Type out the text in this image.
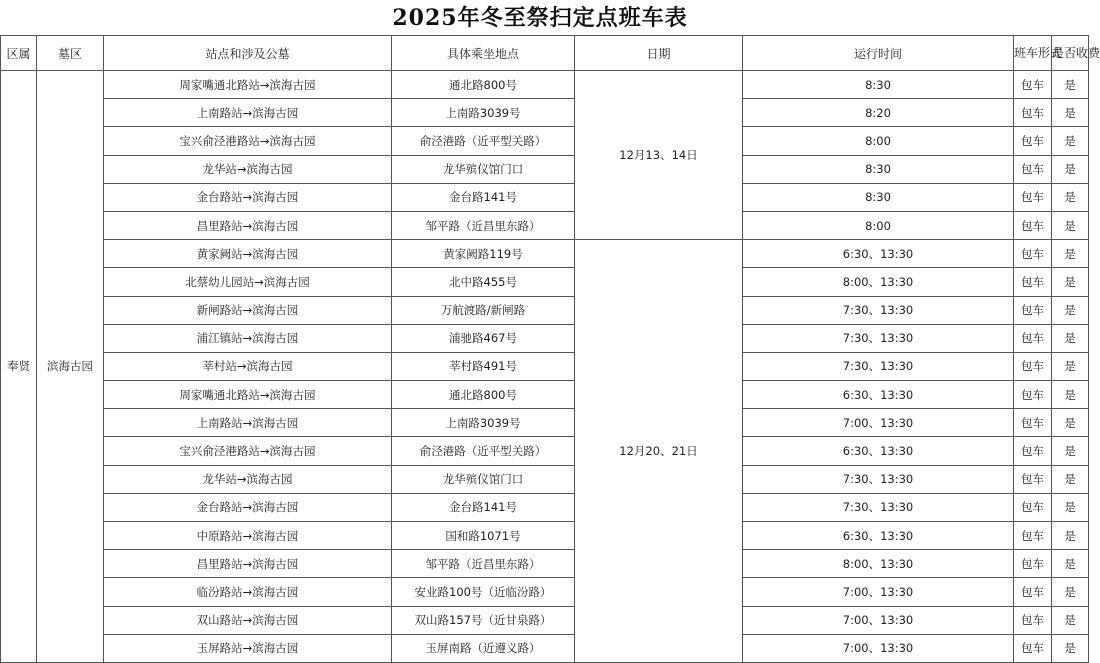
2025年冬至祭扫定点班车表
区属	墓区	站点和涉及公墓	具体乘坐地点	日期	运行时间	班车形式	是否收费
奉贤	滨海古园	周家嘴通北路站→滨海古园	通北路800号	12月13、14日	8:30	包车	是
		上南路站→滨海古园	上南路3039号		8:20	包车	是
		宝兴俞泾港路站→滨海古园	俞泾港路（近平型关路）		8:00	包车	是
		龙华站→滨海古园	龙华殡仪馆门口		8:30	包车	是
		金台路站→滨海古园	金台路141号		8:30	包车	是
		昌里路站→滨海古园	邹平路（近昌里东路）		8:00	包车	是
		黄家阙站→滨海古园	黄家阙路119号	12月20、21日	6:30、13:30	包车	是
		北蔡幼儿园站→滨海古园	北中路455号		8:00、13:30	包车	是
		新闸路站→滨海古园	万航渡路/新闸路		7:30、13:30	包车	是
		浦江镇站→滨海古园	浦驰路467号		7:30、13:30	包车	是
		莘村站→滨海古园	莘村路491号		7:30、13:30	包车	是
		周家嘴通北路站→滨海古园	通北路800号		6:30、13:30	包车	是
		上南路站→滨海古园	上南路3039号		7:00、13:30	包车	是
		宝兴俞泾港路站→滨海古园	俞泾港路（近平型关路）		6:30、13:30	包车	是
		龙华站→滨海古园	龙华殡仪馆门口		7:30、13:30	包车	是
		金台路站→滨海古园	金台路141号		7:30、13:30	包车	是
		中原路站→滨海古园	国和路1071号		6:30、13:30	包车	是
		昌里路站→滨海古园	邹平路（近昌里东路）		8:00、13:30	包车	是
		临汾路站→滨海古园	安业路100号（近临汾路）		7:00、13:30	包车	是
		双山路站→滨海古园	双山路157号（近甘泉路）		7:00、13:30	包车	是
		玉屏路站→滨海古园	玉屏南路（近遵义路）		7:00、13:30	包车	是
